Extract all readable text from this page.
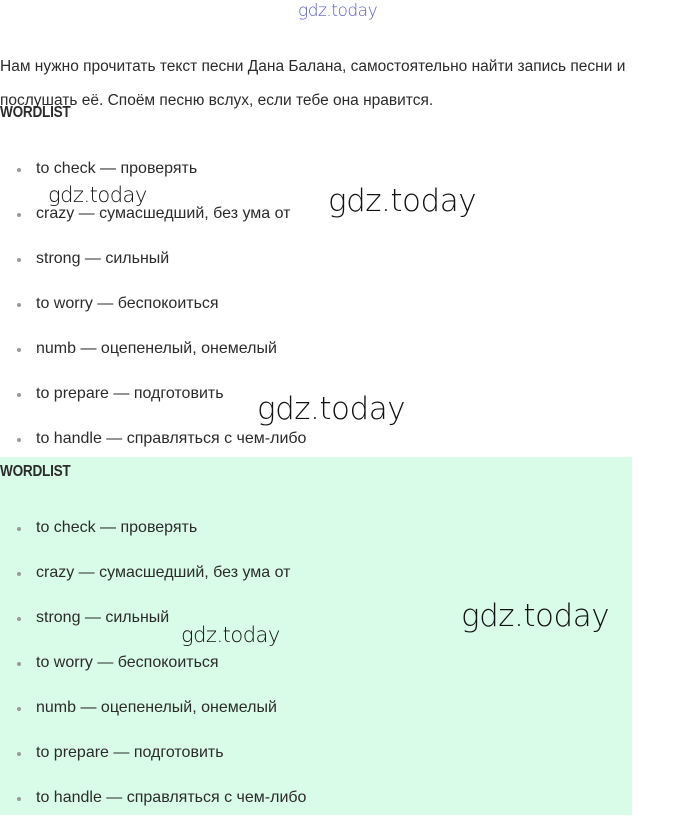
gdz.today

Нам нужно прочитать текст песни Дана Балана, самостоятельно найти запись песни и послушать её. Споём песню вслух, если тебе она нравится.

WORDLIST
to check — проверять
crazy — сумасшедший, без ума от
strong — сильный
to worry — беспокоиться
numb — оцепенелый, онемелый
to prepare — подготовить
to handle — справляться с чем-либо
WORDLIST
to check — проверять
crazy — сумасшедший, без ума от
strong — сильный
to worry — беспокоиться
numb — оцепенелый, онемелый
to prepare — подготовить
to handle — справляться с чем-либо
gdz.today	gdz.today
gdz.today
gdz.today
gdz.today
